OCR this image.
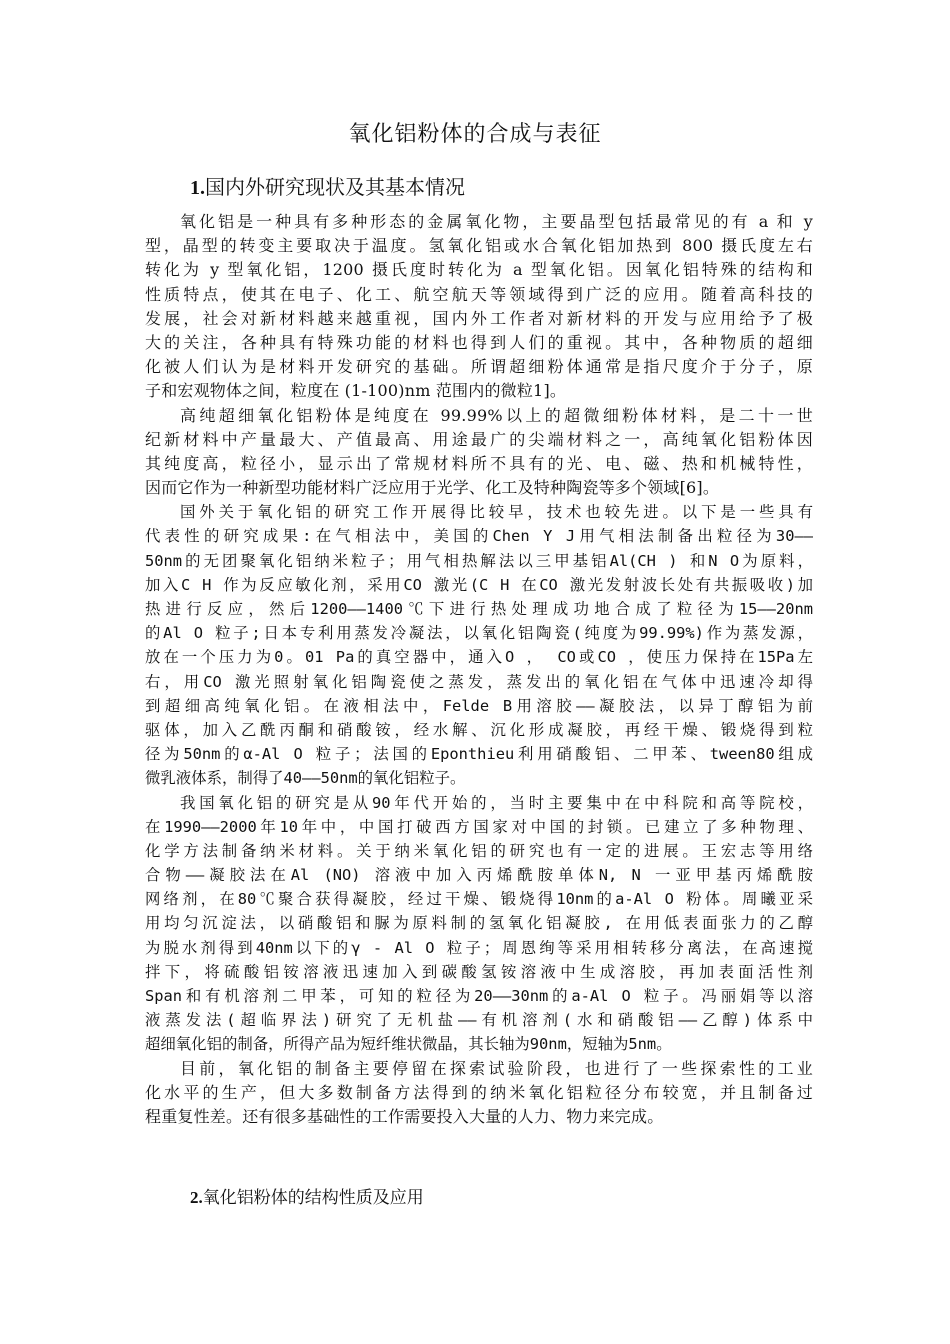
氧化铝粉体的合成与表征
1.国内外研究现状及其基本情况
氧化铝是一种具有多种形态的金属氧化物，主要晶型包括最常见的有 a 和 y
型，晶型的转变主要取决于温度。氢氧化铝或水合氧化铝加热到 800 摄氏度左右
转化为 y 型氧化铝，1200 摄氏度时转化为 a 型氧化铝。因氧化铝特殊的结构和
性质特点，使其在电子、化工、航空航天等领域得到广泛的应用。随着高科技的
发展，社会对新材料越来越重视，国内外工作者对新材料的开发与应用给予了极
大的关注，各种具有特殊功能的材料也得到人们的重视。其中，各种物质的超细
化被人们认为是材料开发研究的基础。所谓超细粉体通常是指尺度介于分子，原
子和宏观物体之间，粒度在 (1-100)nm 范围内的微粒1]。
高纯超细氧化铝粉体是纯度在 99.99%以上的超微细粉体材料，是二十一世
纪新材料中产量最大、产值最高、用途最广的尖端材料之一，高纯氧化铝粉体因
其纯度高，粒径小，显示出了常规材料所不具有的光、电、磁、热和机械特性，
因而它作为一种新型功能材料广泛应用于光学、化工及特种陶瓷等多个领域[6]。
国外关于氧化铝的研究工作开展得比较早，技术也较先进。以下是一些具有
代表性的研究成果:在气相法中，美国的Chen Y J用气相法制备出粒径为30——
50nm的无团聚氧化铝纳米粒子；用气相热解法以三甲基铝Al(CH ) 和N O为原料，
加入C H 作为反应敏化剂，采用CO 激光(C H 在CO 激光发射波长处有共振吸收)加
热进行反应，然后1200——1400℃下进行热处理成功地合成了粒径为15——20nm
的Al O 粒子;日本专利用蒸发冷凝法，以氧化铝陶瓷(纯度为99.99%)作为蒸发源，
放在一个压力为0。01 Pa的真空器中，通入O ， CO或CO ，使压力保持在15Pa左
右，用CO 激光照射氧化铝陶瓷使之蒸发，蒸发出的氧化铝在气体中迅速冷却得
到超细高纯氧化铝。在液相法中，Felde B用溶胶——凝胶法，以异丁醇铝为前
驱体，加入乙酰丙酮和硝酸铵，经水解、沉化形成凝胶，再经干燥、锻烧得到粒
径为50nm的α-Al O 粒子；法国的Eponthieu利用硝酸铝、二甲苯、tween80组成
微乳液体系，制得了40——50nm的氧化铝粒子。
我国氧化铝的研究是从90年代开始的，当时主要集中在中科院和高等院校，
在1990——2000年10年中，中国打破西方国家对中国的封锁。已建立了多种物理、
化学方法制备纳米材料。关于纳米氧化铝的研究也有一定的进展。王宏志等用络
合物——凝胶法在Al (NO) 溶液中加入丙烯酰胺单体N, N 一亚甲基丙烯酰胺
网络剂，在80℃聚合获得凝胶，经过干燥、锻烧得10nm的a-Al O 粉体。周曦亚采
用均匀沉淀法，以硝酸铝和脲为原料制的氢氧化铝凝胶, 在用低表面张力的乙醇
为脱水剂得到40nm以下的γ - Al O 粒子；周恩绚等采用相转移分离法，在高速搅
拌下，将硫酸铝铵溶液迅速加入到碳酸氢铵溶液中生成溶胶，再加表面活性剂
Span和有机溶剂二甲苯，可知的粒径为20——30nm的a-Al O 粒子。冯丽娟等以溶
液蒸发法(超临界法)研究了无机盐——有机溶剂(水和硝酸铝——乙醇)体系中
超细氧化铝的制备，所得产品为短纤维状微晶，其长轴为90nm，短轴为5nm。
目前，氧化铝的制备主要停留在探索试验阶段，也进行了一些探索性的工业
化水平的生产，但大多数制备方法得到的纳米氧化铝粒径分布较宽，并且制备过
程重复性差。还有很多基础性的工作需要投入大量的人力、物力来完成。
2.氧化铝粉体的结构性质及应用
